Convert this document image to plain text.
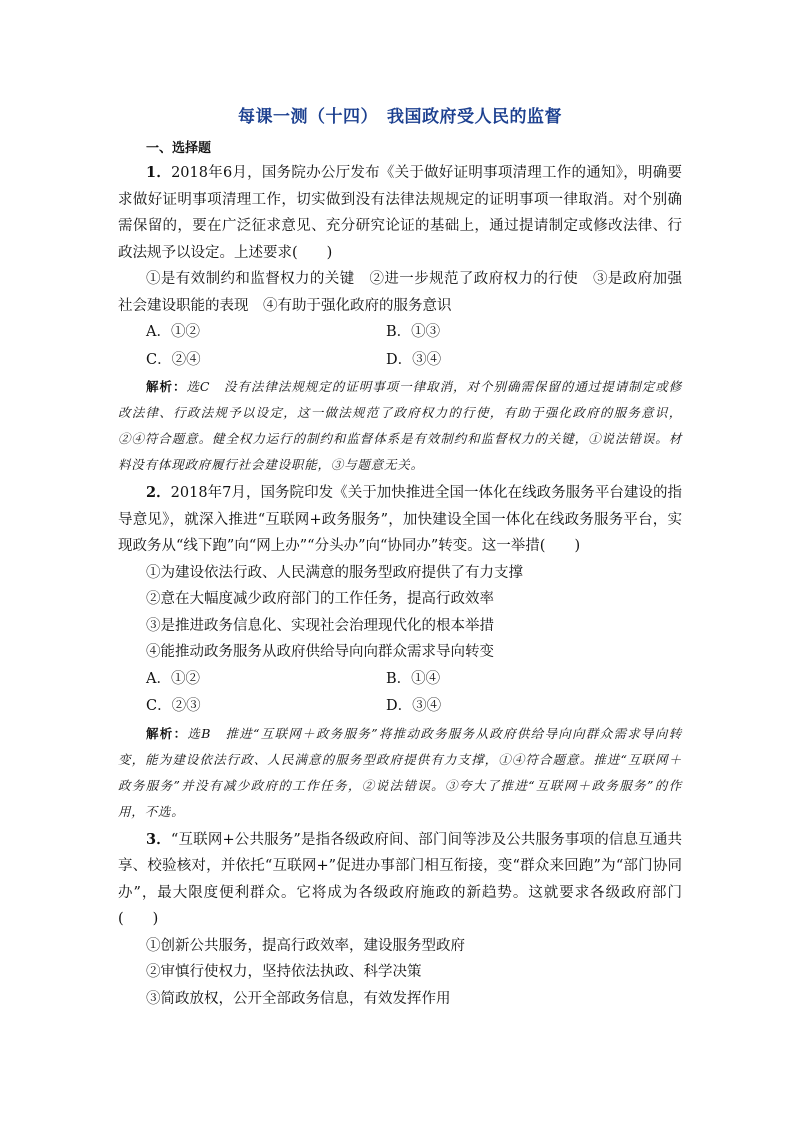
每课一测（十四）　我国政府受人民的监督
一、选择题

1．2018年6月，国务院办公厅发布《关于做好证明事项清理工作的通知》，明确要求做好证明事项清理工作，切实做到没有法律法规规定的证明事项一律取消。对个别确需保留的，要在广泛征求意见、充分研究论证的基础上，通过提请制定或修改法律、行政法规予以设定。上述要求(　　)

①是有效制约和监督权力的关键　②进一步规范了政府权力的行使　③是政府加强社会建设职能的表现　④有助于强化政府的服务意识

A．①②	B．①③
C．②④	D．③④

解析：选C　没有法律法规规定的证明事项一律取消，对个别确需保留的通过提请制定或修改法律、行政法规予以设定，这一做法规范了政府权力的行使，有助于强化政府的服务意识，②④符合题意。健全权力运行的制约和监督体系是有效制约和监督权力的关键，①说法错误。材料没有体现政府履行社会建设职能，③与题意无关。

2．2018年7月，国务院印发《关于加快推进全国一体化在线政务服务平台建设的指导意见》，就深入推进“互联网+政务服务”，加快建设全国一体化在线政务服务平台，实现政务从“线下跑”向“网上办”“分头办”向“协同办”转变。这一举措(　　)

①为建设依法行政、人民满意的服务型政府提供了有力支撑

②意在大幅度减少政府部门的工作任务，提高行政效率

③是推进政务信息化、实现社会治理现代化的根本举措

④能推动政务服务从政府供给导向向群众需求导向转变

A．①②	B．①④
C．②③	D．③④

解析：选B　推进“互联网＋政务服务”将推动政务服务从政府供给导向向群众需求导向转变，能为建设依法行政、人民满意的服务型政府提供有力支撑，①④符合题意。推进“互联网＋政务服务”并没有减少政府的工作任务，②说法错误。③夸大了推进“互联网＋政务服务”的作用，不选。

3．“互联网+公共服务”是指各级政府间、部门间等涉及公共服务事项的信息互通共享、校验核对，并依托“互联网+”促进办事部门相互衔接，变“群众来回跑”为“部门协同办”，最大限度便利群众。它将成为各级政府施政的新趋势。这就要求各级政府部门(　　)

①创新公共服务，提高行政效率，建设服务型政府

②审慎行使权力，坚持依法执政、科学决策

③简政放权，公开全部政务信息，有效发挥作用
